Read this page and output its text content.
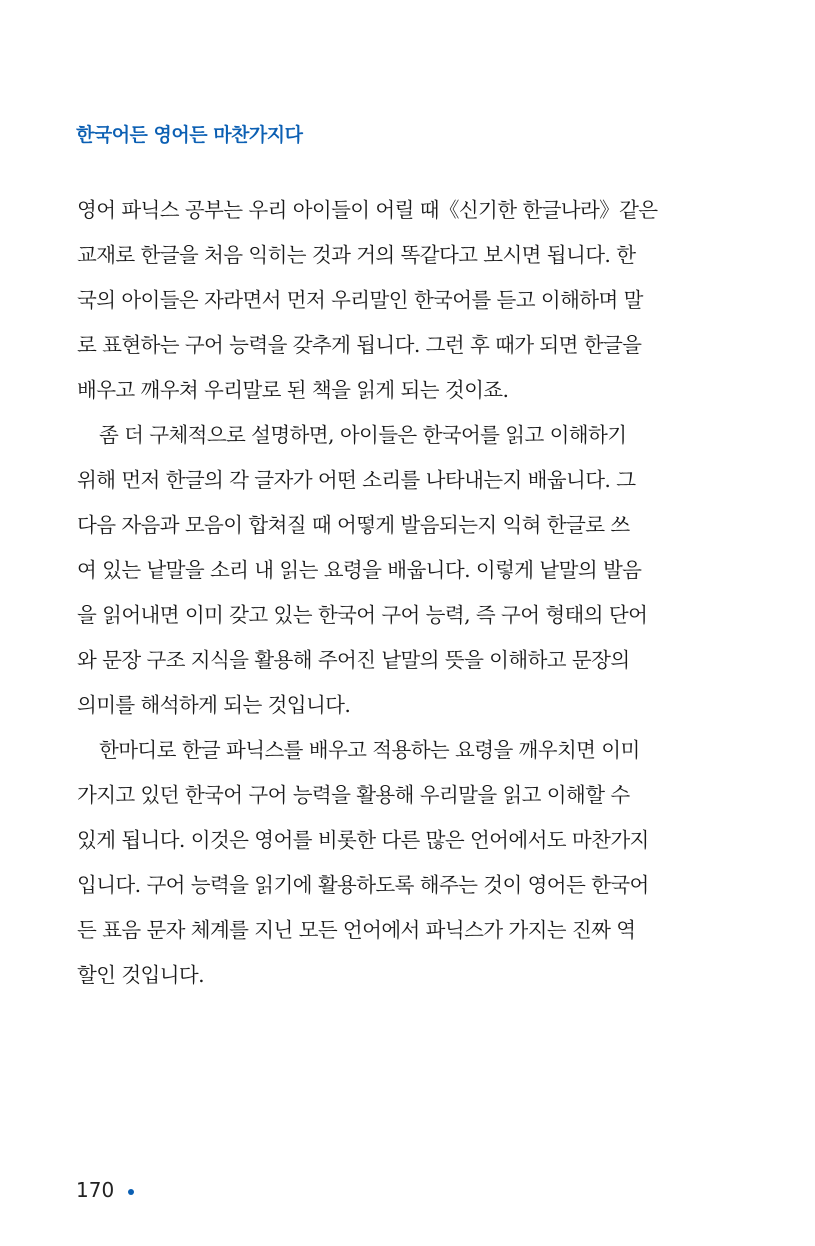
한국어든 영어든 마찬가지다
영어 파닉스 공부는 우리 아이들이 어릴 때《신기한 한글나라》같은
교재로 한글을 처음 익히는 것과 거의 똑같다고 보시면 됩니다. 한
국의 아이들은 자라면서 먼저 우리말인 한국어를 듣고 이해하며 말
로 표현하는 구어 능력을 갖추게 됩니다. 그런 후 때가 되면 한글을
배우고 깨우쳐 우리말로 된 책을 읽게 되는 것이죠.
좀 더 구체적으로 설명하면, 아이들은 한국어를 읽고 이해하기
위해 먼저 한글의 각 글자가 어떤 소리를 나타내는지 배웁니다. 그
다음 자음과 모음이 합쳐질 때 어떻게 발음되는지 익혀 한글로 쓰
여 있는 낱말을 소리 내 읽는 요령을 배웁니다. 이렇게 낱말의 발음
을 읽어내면 이미 갖고 있는 한국어 구어 능력, 즉 구어 형태의 단어
와 문장 구조 지식을 활용해 주어진 낱말의 뜻을 이해하고 문장의
의미를 해석하게 되는 것입니다.
한마디로 한글 파닉스를 배우고 적용하는 요령을 깨우치면 이미
가지고 있던 한국어 구어 능력을 활용해 우리말을 읽고 이해할 수
있게 됩니다. 이것은 영어를 비롯한 다른 많은 언어에서도 마찬가지
입니다. 구어 능력을 읽기에 활용하도록 해주는 것이 영어든 한국어
든 표음 문자 체계를 지닌 모든 언어에서 파닉스가 가지는 진짜 역
할인 것입니다.
170
